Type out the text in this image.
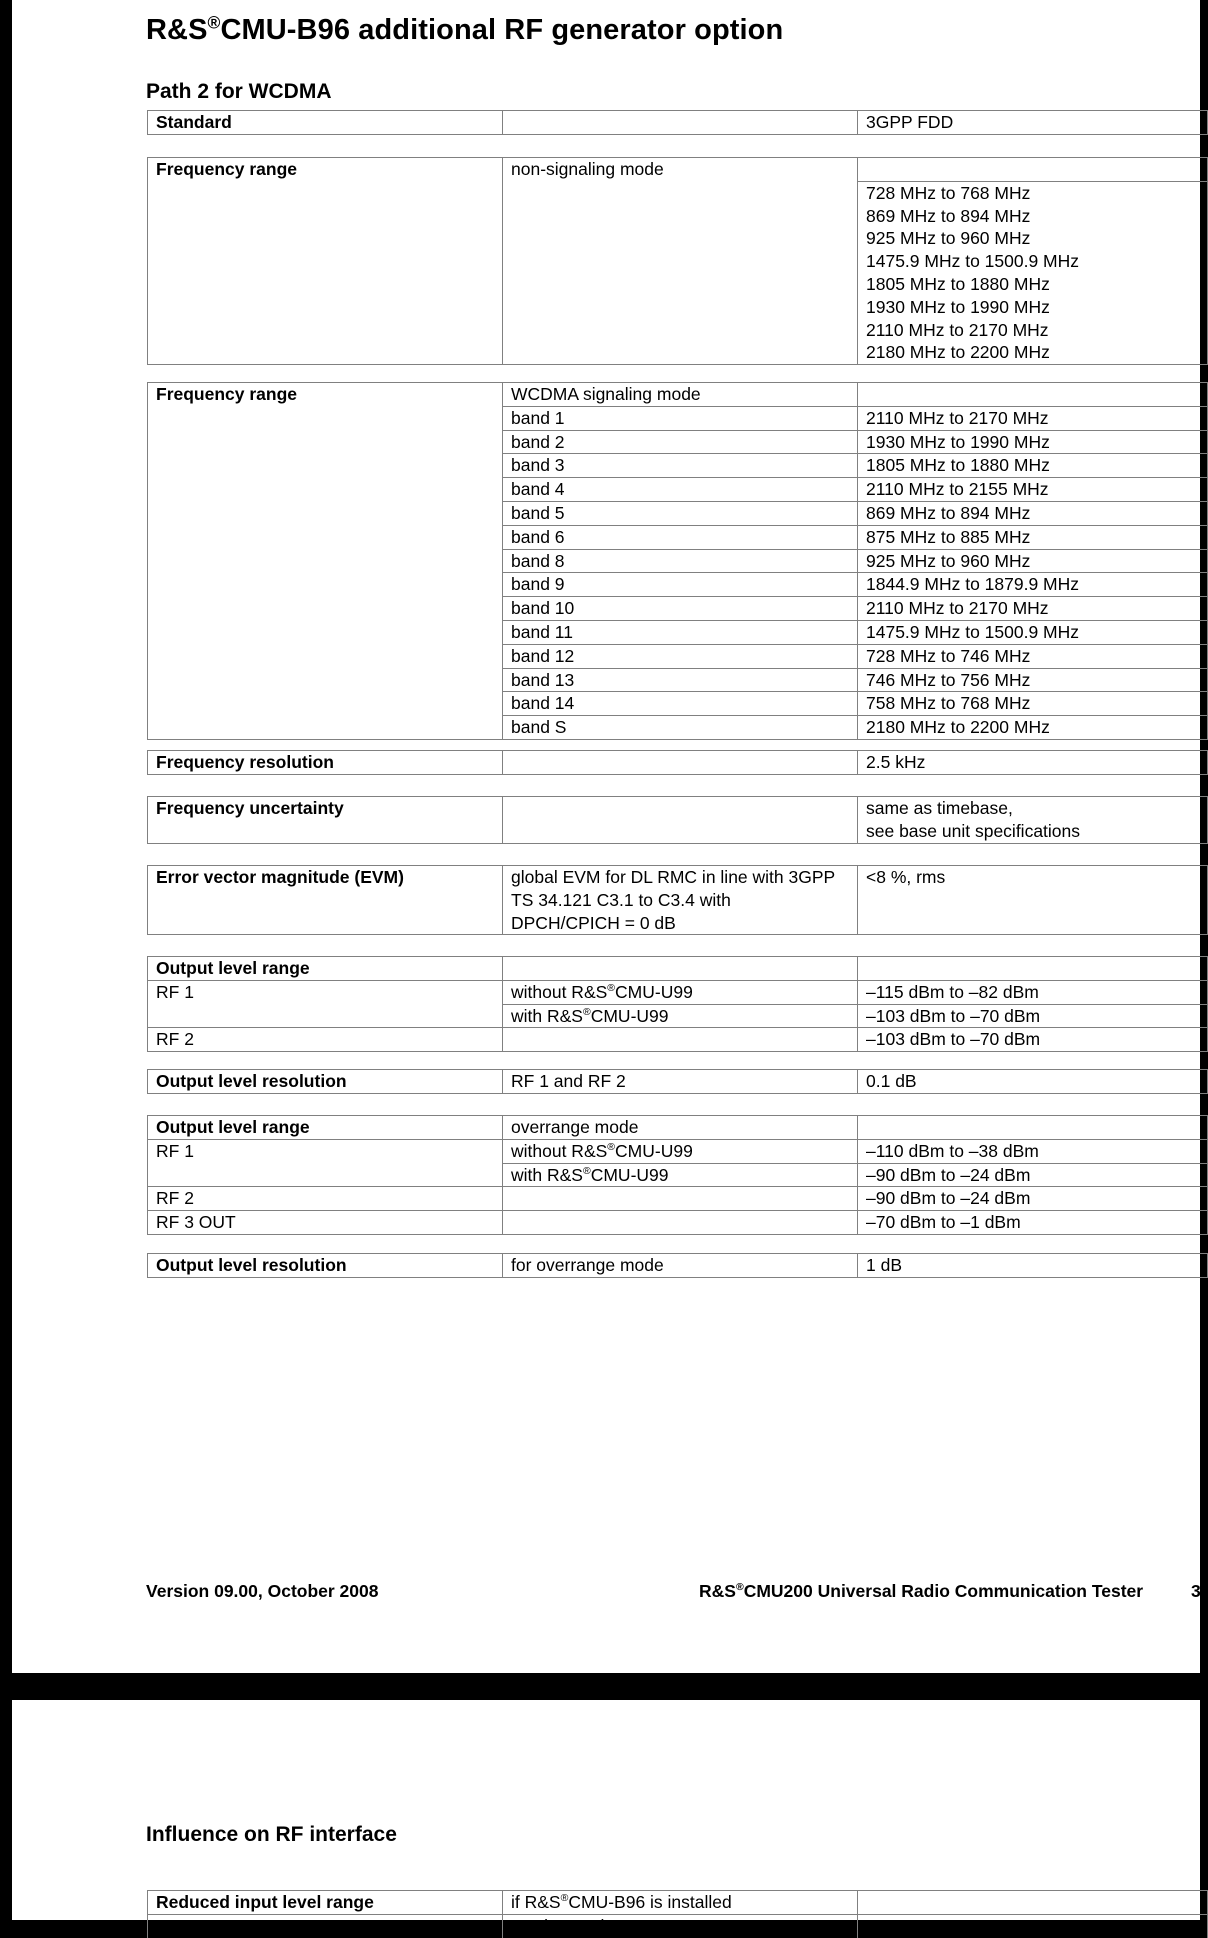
R&S®CMU-B96 additional RF generator option
Path 2 for WCDMA
Standard		3GPP FDD
Frequency range	non-signaling mode	
		728 MHz to 768 MHz
		869 MHz to 894 MHz
		925 MHz to 960 MHz
		1475.9 MHz to 1500.9 MHz
		1805 MHz to 1880 MHz
		1930 MHz to 1990 MHz
		2110 MHz to 2170 MHz
		2180 MHz to 2200 MHz
Frequency range	WCDMA signaling mode	
	band 1	2110 MHz to 2170 MHz
	band 2	1930 MHz to 1990 MHz
	band 3	1805 MHz to 1880 MHz
	band 4	2110 MHz to 2155 MHz
	band 5	869 MHz to 894 MHz
	band 6	875 MHz to 885 MHz
	band 8	925 MHz to 960 MHz
	band 9	1844.9 MHz to 1879.9 MHz
	band 10	2110 MHz to 2170 MHz
	band 11	1475.9 MHz to 1500.9 MHz
	band 12	728 MHz to 746 MHz
	band 13	746 MHz to 756 MHz
	band 14	758 MHz to 768 MHz
	band S	2180 MHz to 2200 MHz
Frequency resolution		2.5 kHz
Frequency uncertainty		same as timebase,
		see base unit specifications
Error vector magnitude (EVM)	global EVM for DL RMC in line with 3GPP	<8 %, rms
	TS 34.121 C3.1 to C3.4 with	
	DPCH/CPICH = 0 dB	
Output level range		
RF 1	without R&S®CMU-U99	–115 dBm to –82 dBm
	with R&S®CMU-U99	–103 dBm to –70 dBm
RF 2		–103 dBm to –70 dBm
Output level resolution	RF 1 and RF 2	0.1 dB
Output level range	overrange mode	
RF 1	without R&S®CMU-U99	–110 dBm to –38 dBm
	with R&S®CMU-U99	–90 dBm to –24 dBm
RF 2		–90 dBm to –24 dBm
RF 3 OUT		–70 dBm to –1 dBm
Output level resolution	for overrange mode	1 dB
Version 09.00, October 2008	R&S®CMU200 Universal Radio Communication Tester	3
Influence on RF interface
Reduced input level range	if R&S®CMU-B96 is installed	
RF 1	continuous input power	max. 2 W
